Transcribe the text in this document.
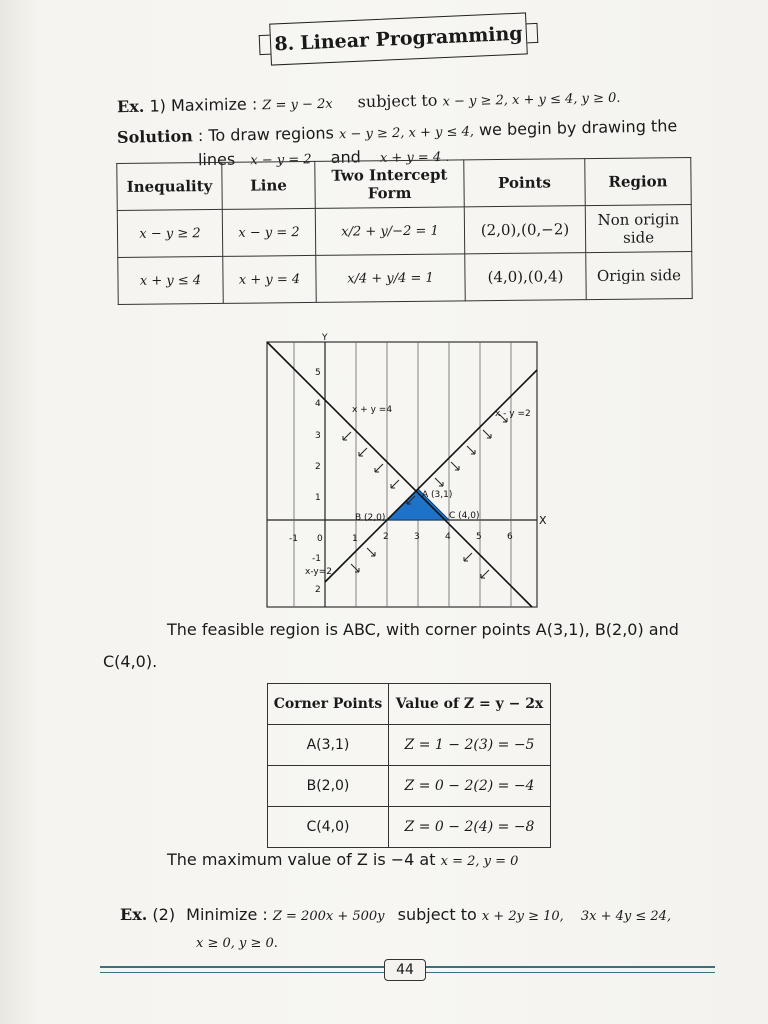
8. Linear Programming
Ex. 1) Maximize : Z = y − 2x subject to x − y ≥ 2, x + y ≤ 4, y ≥ 0.
Solution : To draw regions x − y ≥ 2, x + y ≤ 4, we begin by drawing the
lines x − y = 2 and x + y = 4 .
Inequality	Line	Two Intercept Form	Points	Region
x − y ≥ 2	x − y = 2	x/2 + y/−2 = 1	(2,0),(0,−2)	Non origin side
x + y ≤ 4	x + y = 4	x/4 + y/4 = 1	(4,0),(0,4)	Origin side
Y
X
x + y =4	x - y =2
x-y=2
A (3,1)
B (2,0)	C (4,0)
-1 0	1	2	3	4	5	6
5
4
3
2
1
-1
2
The feasible region is ABC, with corner points A(3,1), B(2,0) and
C(4,0).
Corner Points	Value of Z = y − 2x
A(3,1)	Z = 1 − 2(3) = −5
B(2,0)	Z = 0 − 2(2) = −4
C(4,0)	Z = 0 − 2(4) = −8
The maximum value of Z is −4 at x = 2, y = 0
Ex. (2) Minimize : Z = 200x + 500y subject to x + 2y ≥ 10, 3x + 4y ≤ 24,
x ≥ 0, y ≥ 0.
44
